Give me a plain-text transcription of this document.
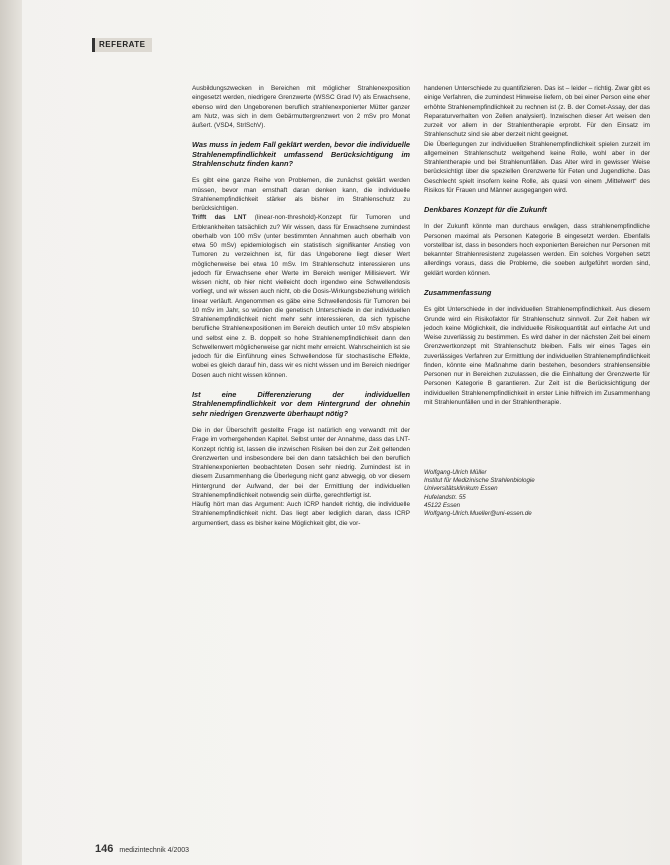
REFERATE

Ausbildungszwecken in Bereichen mit möglicher Strahlenexposition eingesetzt werden, niedrigere Grenzwerte (WSSC Grad IV) als Erwachsene, ebenso wird den Ungeborenen beruflich strahlenexponierter Mütter ganzer am Nutz, was sich in dem Gebärmuttergrenzwert von 2 mSv pro Monat äußert. (VSD4, StrlSchV).

Was muss in jedem Fall geklärt werden, bevor die individuelle Strahlenempfindlichkeit umfassend Berücksichtigung im Strahlenschutz finden kann?

Es gibt eine ganze Reihe von Problemen, die zunächst geklärt werden müssen, bevor man ernsthaft daran denken kann, die individuelle Strahlenempfindlichkeit stärker als bisher im Strahlenschutz zu berücksichtigen.

Trifft das LNT (linear-non-threshold)-Konzept für Tumoren und Erbkrankheiten tatsächlich zu? Wir wissen, dass für Erwachsene zumindest oberhalb von 100 mSv (unter bestimmten Annahmen auch oberhalb von etwa 50 mSv) epidemiologisch ein statistisch signifikanter Anstieg von Tumoren zu verzeichnen ist, für das Ungeborene liegt dieser Wert möglicherweise bei etwa 10 mSv. Im Strahlenschutz interessieren uns jedoch für Erwachsene eher Werte im Bereich weniger Millisievert. Wir wissen nicht, ob hier nicht vielleicht doch irgendwo eine Schwellendosis vorliegt, und wir wissen auch nicht, ob die Dosis-Wirkungsbeziehung wirklich linear verläuft. Angenommen es gäbe eine Schwellendosis für Tumoren bei 10 mSv im Jahr, so würden die genetisch Unterschiede in der individuellen Strahlenempfindlichkeit nicht mehr sehr interessieren, da sich typische berufliche Strahlenexpositionen im Bereich deutlich unter 10 mSv abspielen und selbst eine z. B. doppelt so hohe Strahlenempfindlichkeit dann den Schwellenwert möglicherweise gar nicht mehr erreicht. Wahrscheinlich ist sie jedoch für die Einführung eines Schwellendose für stochastische Effekte, wobei es gleich darauf hin, dass wir es nicht wissen und im Bereich niedriger Dosen auch nicht wissen können.

Ist eine Differenzierung der individuellen Strahlenempfindlichkeit vor dem Hintergrund der ohnehin sehr niedrigen Grenzwerte überhaupt nötig?

Die in der Überschrift gestellte Frage ist natürlich eng verwandt mit der Frage im vorhergehenden Kapitel. Selbst unter der Annahme, dass das LNT-Konzept richtig ist, lassen die inzwischen Risiken bei den zur Zeit geltenden Grenzwerten und insbesondere bei den dann tatsächlich bei den beruflich Strahlenexponierten beobachteten Dosen sehr niedrig. Zumindest ist in diesem Zusammenhang die Überlegung nicht ganz abwegig, ob vor diesem Hintergrund der Aufwand, der bei der Ermittlung der individuellen Strahlenempfindlichkeit notwendig sein dürfte, gerechtfertigt ist.

Häufig hört man das Argument: Auch ICRP handelt richtig, die individuelle Strahlenempfindlichkeit nicht. Das liegt aber lediglich daran, dass ICRP argumentiert, dass es bisher keine Möglichkeit gibt, die vor-

handenen Unterschiede zu quantifizieren. Das ist – leider – richtig. Zwar gibt es einige Verfahren, die zumindest Hinweise liefern, ob bei einer Person eine eher erhöhte Strahlenempfindlichkeit zu rechnen ist (z. B. der Comet-Assay, der das Reparaturverhalten von Zellen analysiert). Inzwischen dieser Art weisen den zurzeit vor allem in der Strahlentherapie erprobt. Für den Einsatz im Strahlenschutz sind sie aber derzeit nicht geeignet.

Die Überlegungen zur individuellen Strahlenempfindlichkeit spielen zurzeit im allgemeinen Strahlenschutz weitgehend keine Rolle, wohl aber in der Strahlentherapie und bei Strahlenunfällen. Das Alter wird in gewisser Weise berücksichtigt über die speziellen Grenzwerte für Feten und Jugendliche. Das Geschlecht spielt insofern keine Rolle, als quasi von einem „Mittelwert“ des Risikos für Frauen und Männer ausgegangen wird.

Denkbares Konzept für die Zukunft

In der Zukunft könnte man durchaus erwägen, dass strahlenempfindliche Personen maximal als Personen Kategorie B eingesetzt werden. Ebenfalls vorstellbar ist, dass in besonders hoch exponierten Bereichen nur Personen mit bekannter Strahlenresistenz zugelassen werden. Ein solches Vorgehen setzt allerdings voraus, dass die Probleme, die soeben aufgeführt worden sind, geklärt worden können.

Zusammenfassung

Es gibt Unterschiede in der individuellen Strahlenempfindlichkeit. Aus diesem Grunde wird ein Risikofaktor für Strahlenschutz sinnvoll. Zur Zeit haben wir jedoch keine Möglichkeit, die individuelle Risikoquantität auf einfache Art und Weise zuverlässig zu bestimmen. Es wird daher in der nächsten Zeit bei einem Grenzwertkonzept mit Strahlenschutz bleiben. Falls wir eines Tages ein zuverlässiges Verfahren zur Ermittlung der individuellen Strahlenempfindlichkeit finden, könnte eine Maßnahme darin bestehen, besonders strahlensensible Personen nur in Bereichen zuzulassen, die die Einhaltung der Grenzwerte für Personen Kategorie B garantieren. Zur Zeit ist die Berücksichtigung der individuellen Strahlenempfindlichkeit in erster Linie hilfreich im Zusammenhang mit Strahlenunfällen und in der Strahlentherapie.

Wolfgang-Ulrich Müller
Institut für Medizinische Strahlenbiologie
Universitätsklinikum Essen
Hufelandstr. 55
45122 Essen
Wolfgang-Ulrich.Mueller@uni-essen.de
146 medizintechnik 4/2003
